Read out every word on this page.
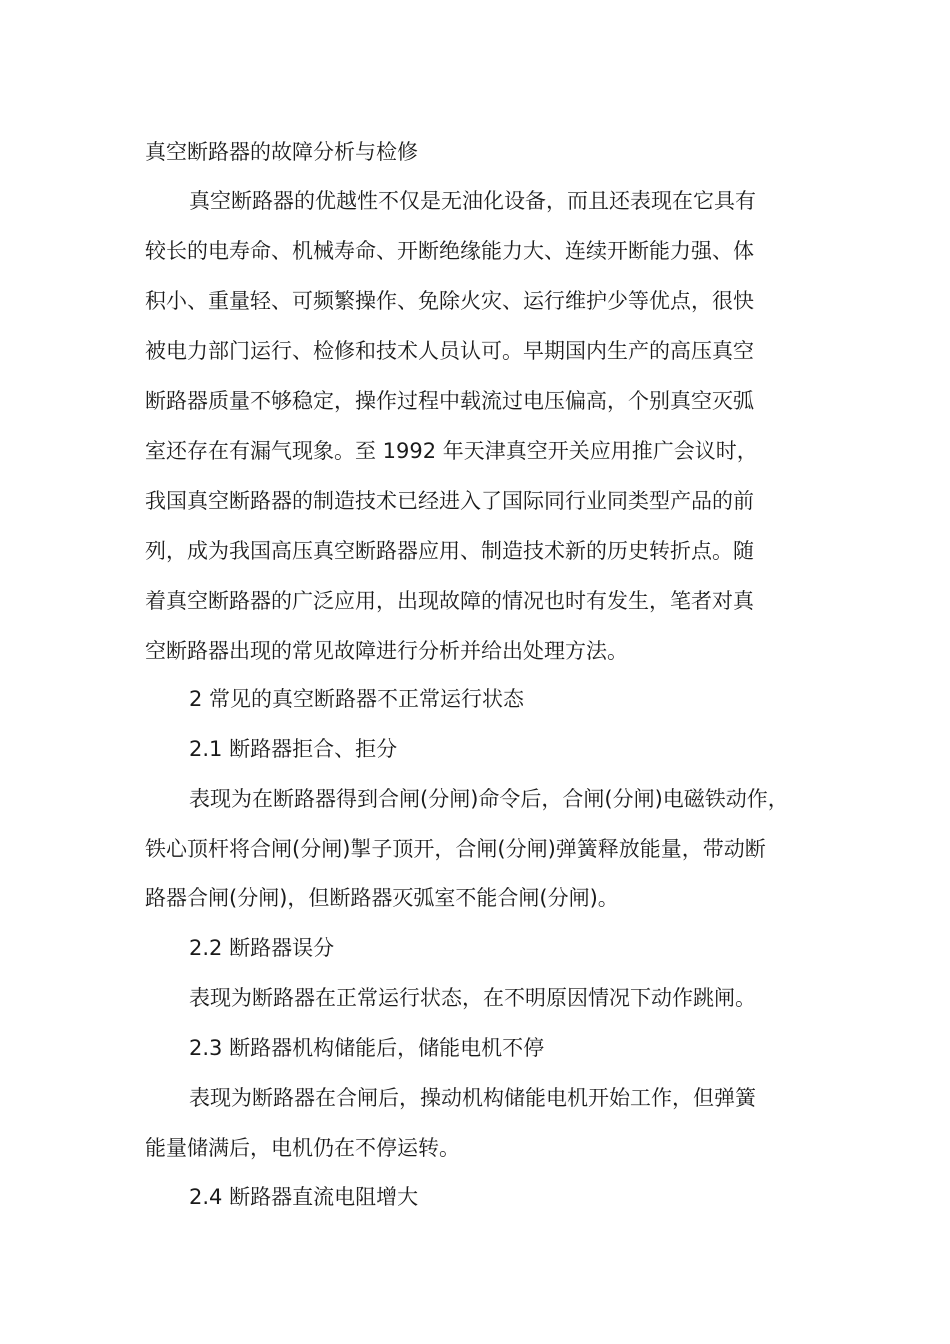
真空断路器的故障分析与检修
真空断路器的优越性不仅是无油化设备，而且还表现在它具有
较长的电寿命、机械寿命、开断绝缘能力大、连续开断能力强、体
积小、重量轻、可频繁操作、免除火灾、运行维护少等优点，很快
被电力部门运行、检修和技术人员认可。早期国内生产的高压真空
断路器质量不够稳定，操作过程中载流过电压偏高，个别真空灭弧
室还存在有漏气现象。至 1992 年天津真空开关应用推广会议时，
我国真空断路器的制造技术已经进入了国际同行业同类型产品的前
列，成为我国高压真空断路器应用、制造技术新的历史转折点。随
着真空断路器的广泛应用，出现故障的情况也时有发生，笔者对真
空断路器出现的常见故障进行分析并给出处理方法。
2 常见的真空断路器不正常运行状态
2.1 断路器拒合、拒分
表现为在断路器得到合闸(分闸)命令后，合闸(分闸)电磁铁动作，
铁心顶杆将合闸(分闸)掣子顶开，合闸(分闸)弹簧释放能量，带动断
路器合闸(分闸)，但断路器灭弧室不能合闸(分闸)。
2.2 断路器误分
表现为断路器在正常运行状态，在不明原因情况下动作跳闸。
2.3 断路器机构储能后，储能电机不停
表现为断路器在合闸后，操动机构储能电机开始工作，但弹簧
能量储满后，电机仍在不停运转。
2.4 断路器直流电阻增大
